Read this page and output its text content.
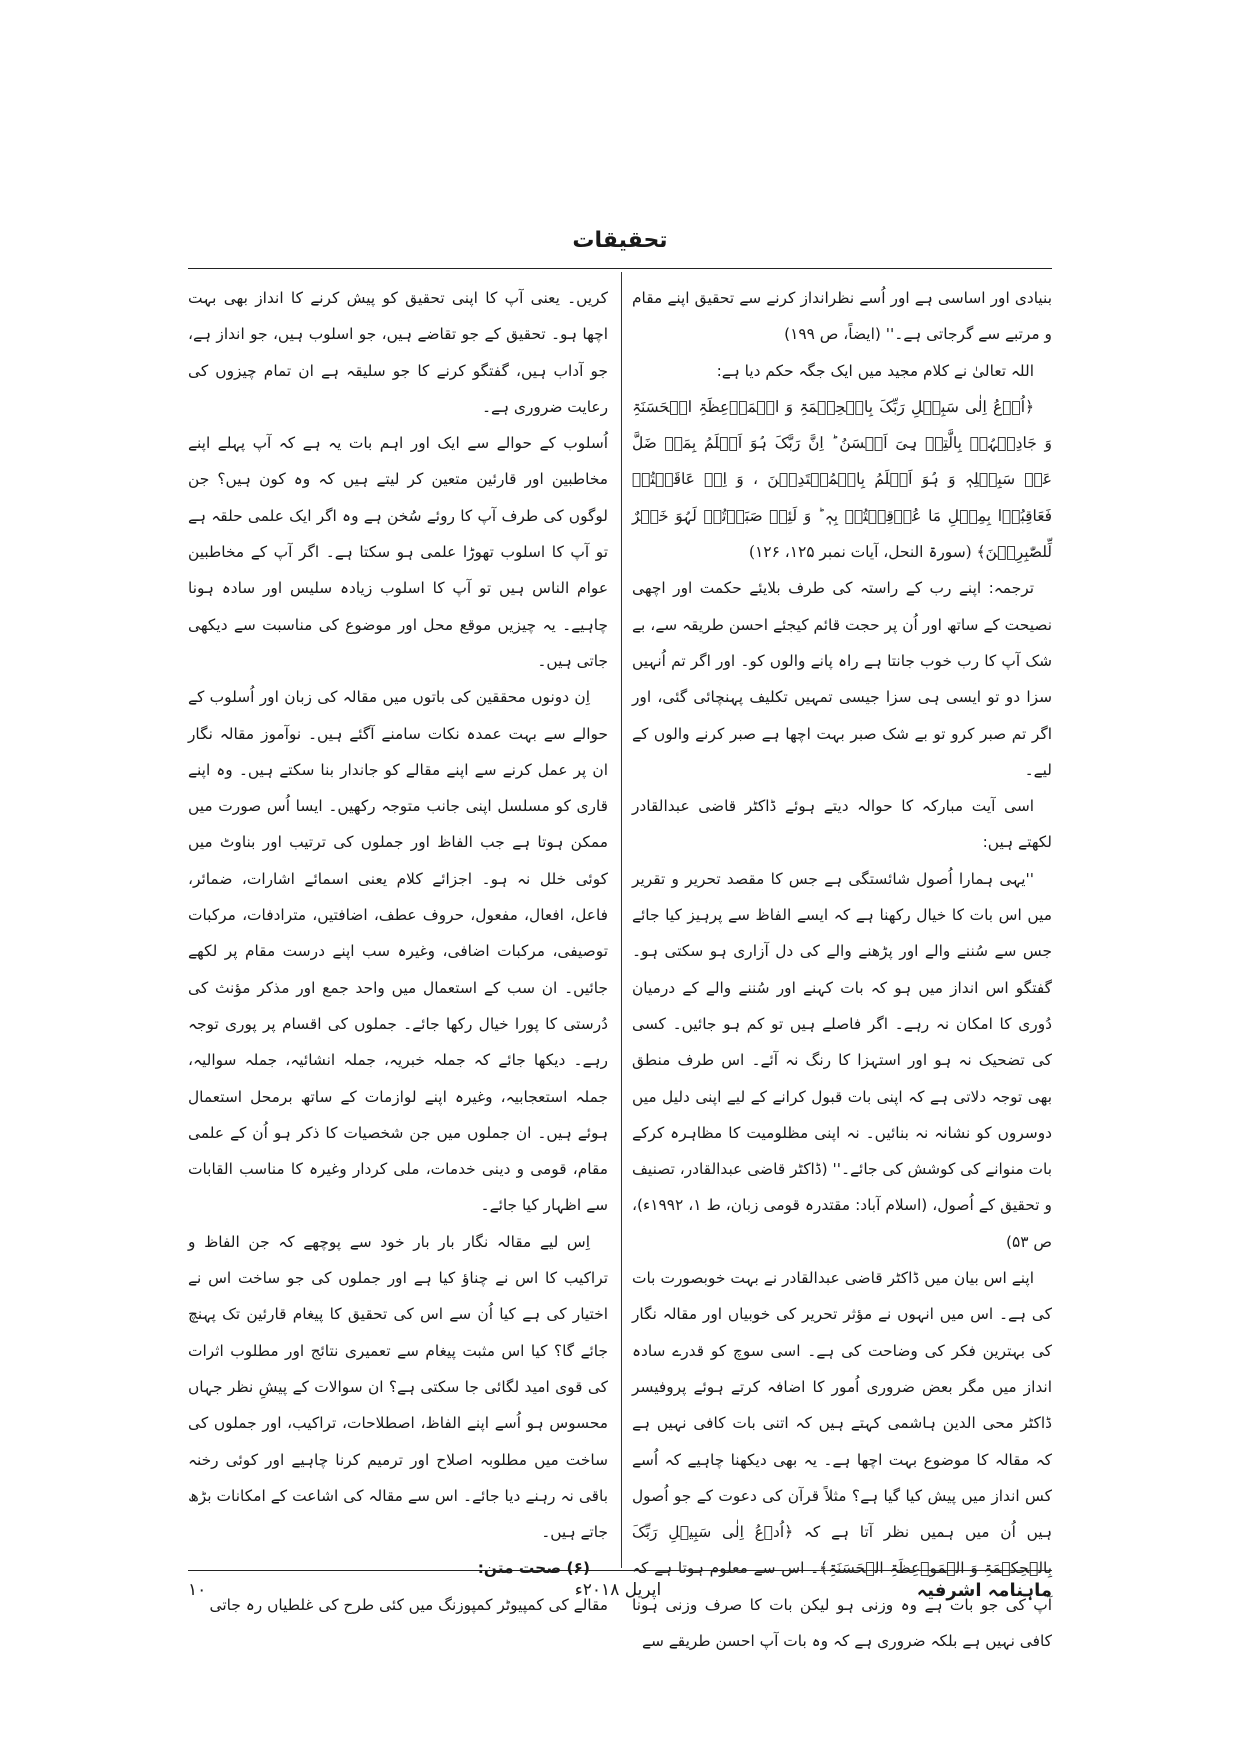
تحقیقات

بنیادی اور اساسی ہے اور اُسے نظرانداز کرنے سے تحقیق اپنے مقام و مرتبے سے گرجاتی ہے۔'' (ایضاً، ص ۱۹۹)

اللہ تعالیٰ نے کلام مجید میں ایک جگہ حکم دیا ہے:

﴿اُدۡعُ اِلٰی سَبِیۡلِ رَبِّکَ بِالۡحِکۡمَۃِ وَ الۡمَوۡعِظَۃِ الۡحَسَنَۃِ وَ جَادِلۡہُمۡ بِالَّتِیۡ ہِیَ اَحۡسَنُ ؕ اِنَّ رَبَّکَ ہُوَ اَعۡلَمُ بِمَنۡ ضَلَّ عَنۡ سَبِیۡلِہٖ وَ ہُوَ اَعۡلَمُ بِالۡمُہۡتَدِیۡنَ ، وَ اِنۡ عَاقَبۡتُمۡ فَعَاقِبُوۡا بِمِثۡلِ مَا عُوۡقِبۡتُمۡ بِہٖ ؕ وَ لَئِنۡ صَبَرۡتُمۡ لَہُوَ خَیۡرٌ لِّلصّٰبِرِیۡنَ﴾ (سورۃ النحل، آیات نمبر ۱۲۵، ۱۲۶)

ترجمہ: اپنے رب کے راستہ کی طرف بلایئے حکمت اور اچھی نصیحت کے ساتھ اور اُن پر حجت قائم کیجئے احسن طریقہ سے، بے شک آپ کا رب خوب جانتا ہے راہ پانے والوں کو۔ اور اگر تم اُنہیں سزا دو تو ایسی ہی سزا جیسی تمہیں تکلیف پہنچائی گئی، اور اگر تم صبر کرو تو بے شک صبر بہت اچھا ہے صبر کرنے والوں کے لیے۔

اسی آیت مبارکہ کا حوالہ دیتے ہوئے ڈاکٹر قاضی عبدالقادر لکھتے ہیں:

''یہی ہمارا اُصول شائستگی ہے جس کا مقصد تحریر و تقریر میں اس بات کا خیال رکھنا ہے کہ ایسے الفاظ سے پرہیز کیا جائے جس سے سُننے والے اور پڑھنے والے کی دل آزاری ہو سکتی ہو۔ گفتگو اس انداز میں ہو کہ بات کہنے اور سُننے والے کے درمیان دُوری کا امکان نہ رہے۔ اگر فاصلے ہیں تو کم ہو جائیں۔ کسی کی تضحیک نہ ہو اور استہزا کا رنگ نہ آئے۔ اس طرف منطق بھی توجہ دلاتی ہے کہ اپنی بات قبول کرانے کے لیے اپنی دلیل میں دوسروں کو نشانہ نہ بنائیں۔ نہ اپنی مظلومیت کا مظاہرہ کرکے بات منوانے کی کوشش کی جائے۔'' (ڈاکٹر قاضی عبدالقادر، تصنیف و تحقیق کے اُصول، (اسلام آباد: مقتدرہ قومی زبان، ط ۱، ۱۹۹۲ء)، ص ۵۳)

اپنے اس بیان میں ڈاکٹر قاضی عبدالقادر نے بہت خوبصورت بات کی ہے۔ اس میں انہوں نے مؤثر تحریر کی خوبیاں اور مقالہ نگار کی بہترین فکر کی وضاحت کی ہے۔ اسی سوچ کو قدرے سادہ انداز میں مگر بعض ضروری اُمور کا اضافہ کرتے ہوئے پروفیسر ڈاکٹر محی الدین ہاشمی کہتے ہیں کہ اتنی بات کافی نہیں ہے کہ مقالہ کا موضوع بہت اچھا ہے۔ یہ بھی دیکھنا چاہیے کہ اُسے کس انداز میں پیش کیا گیا ہے؟ مثلاً قرآن کی دعوت کے جو اُصول ہیں اُن میں ہمیں نظر آتا ہے کہ ﴿اُدۡعُ اِلٰی سَبِیۡلِ رَبِّکَ بِالۡحِکۡمَۃِ وَ الۡمَوۡعِظَۃِ الۡحَسَنَۃِ﴾۔ اس سے معلوم ہوتا ہے کہ آپ کی جو بات ہے وہ وزنی ہو لیکن بات کا صرف وزنی ہونا کافی نہیں ہے بلکہ ضروری ہے کہ وہ بات آپ احسن طریقے سے

کریں۔ یعنی آپ کا اپنی تحقیق کو پیش کرنے کا انداز بھی بہت اچھا ہو۔ تحقیق کے جو تقاضے ہیں، جو اسلوب ہیں، جو انداز ہے، جو آداب ہیں، گفتگو کرنے کا جو سلیقہ ہے ان تمام چیزوں کی رعایت ضروری ہے۔

اُسلوب کے حوالے سے ایک اور اہم بات یہ ہے کہ آپ پہلے اپنے مخاطبین اور قارئین متعین کر لیتے ہیں کہ وہ کون ہیں؟ جن لوگوں کی طرف آپ کا روئے سُخن ہے وہ اگر ایک علمی حلقہ ہے تو آپ کا اسلوب تھوڑا علمی ہو سکتا ہے۔ اگر آپ کے مخاطبین عوام الناس ہیں تو آپ کا اسلوب زیادہ سلیس اور سادہ ہونا چاہیے۔ یہ چیزیں موقع محل اور موضوع کی مناسبت سے دیکھی جاتی ہیں۔

اِن دونوں محققین کی باتوں میں مقالہ کی زبان اور اُسلوب کے حوالے سے بہت عمدہ نکات سامنے آگئے ہیں۔ نوآموز مقالہ نگار ان پر عمل کرنے سے اپنے مقالے کو جاندار بنا سکتے ہیں۔ وہ اپنے قاری کو مسلسل اپنی جانب متوجہ رکھیں۔ ایسا اُس صورت میں ممکن ہوتا ہے جب الفاظ اور جملوں کی ترتیب اور بناوٹ میں کوئی خلل نہ ہو۔ اجزائے کلام یعنی اسمائے اشارات، ضمائر، فاعل، افعال، مفعول، حروف عطف، اضافتیں، مترادفات، مرکبات توصیفی، مرکبات اضافی، وغیرہ سب اپنے درست مقام پر لکھے جائیں۔ ان سب کے استعمال میں واحد جمع اور مذکر مؤنث کی دُرستی کا پورا خیال رکھا جائے۔ جملوں کی اقسام پر پوری توجہ رہے۔ دیکھا جائے کہ جملہ خبریہ، جملہ انشائیہ، جملہ سوالیہ، جملہ استعجابیہ، وغیرہ اپنے لوازمات کے ساتھ برمحل استعمال ہوئے ہیں۔ ان جملوں میں جن شخصیات کا ذکر ہو اُن کے علمی مقام، قومی و دینی خدمات، ملی کردار وغیرہ کا مناسب القابات سے اظہار کیا جائے۔

اِس لیے مقالہ نگار بار بار خود سے پوچھے کہ جن الفاظ و تراکیب کا اس نے چناؤ کیا ہے اور جملوں کی جو ساخت اس نے اختیار کی ہے کیا اُن سے اس کی تحقیق کا پیغام قارئین تک پہنچ جائے گا؟ کیا اس مثبت پیغام سے تعمیری نتائج اور مطلوب اثرات کی قوی امید لگائی جا سکتی ہے؟ ان سوالات کے پیشِ نظر جہاں محسوس ہو اُسے اپنے الفاظ، اصطلاحات، تراکیب، اور جملوں کی ساخت میں مطلوبہ اصلاح اور ترمیم کرنا چاہیے اور کوئی رخنہ باقی نہ رہنے دیا جائے۔ اس سے مقالہ کی اشاعت کے امکانات بڑھ جاتے ہیں۔

(۶) صحت متن:

مقالے کی کمپیوٹر کمپوزنگ میں کئی طرح کی غلطیاں رہ جاتی

ماہنامہ اشرفیہ
اپریل ۲۰۱۸ء
۱۰
